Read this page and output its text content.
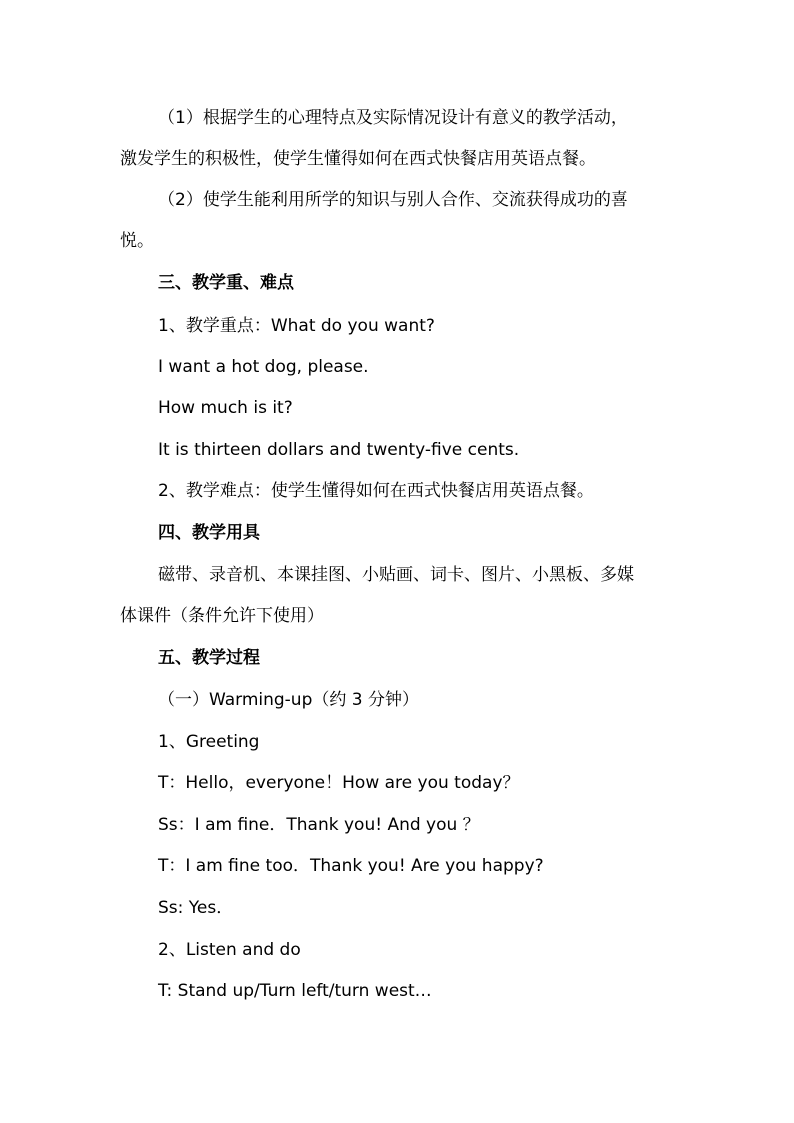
（1）根据学生的心理特点及实际情况设计有意义的教学活动，
激发学生的积极性，使学生懂得如何在西式快餐店用英语点餐。
（2）使学生能利用所学的知识与别人合作、交流获得成功的喜
悦。
三、教学重、难点
1、教学重点：What do you want?
I want a hot dog, please.
How much is it?
It is thirteen dollars and twenty-five cents.
2、教学难点：使学生懂得如何在西式快餐店用英语点餐。
四、教学用具
磁带、录音机、本课挂图、小贴画、词卡、图片、小黑板、多媒
体课件（条件允许下使用）
五、教学过程
（一）Warming-up（约 3 分钟）
1、Greeting
T：Hello，everyone！How are you today？
Ss：I am fine．Thank you! And you ？
T：I am fine too．Thank you! Are you happy?
Ss: Yes．
2、Listen and do
T: Stand up/Turn left/turn west…
